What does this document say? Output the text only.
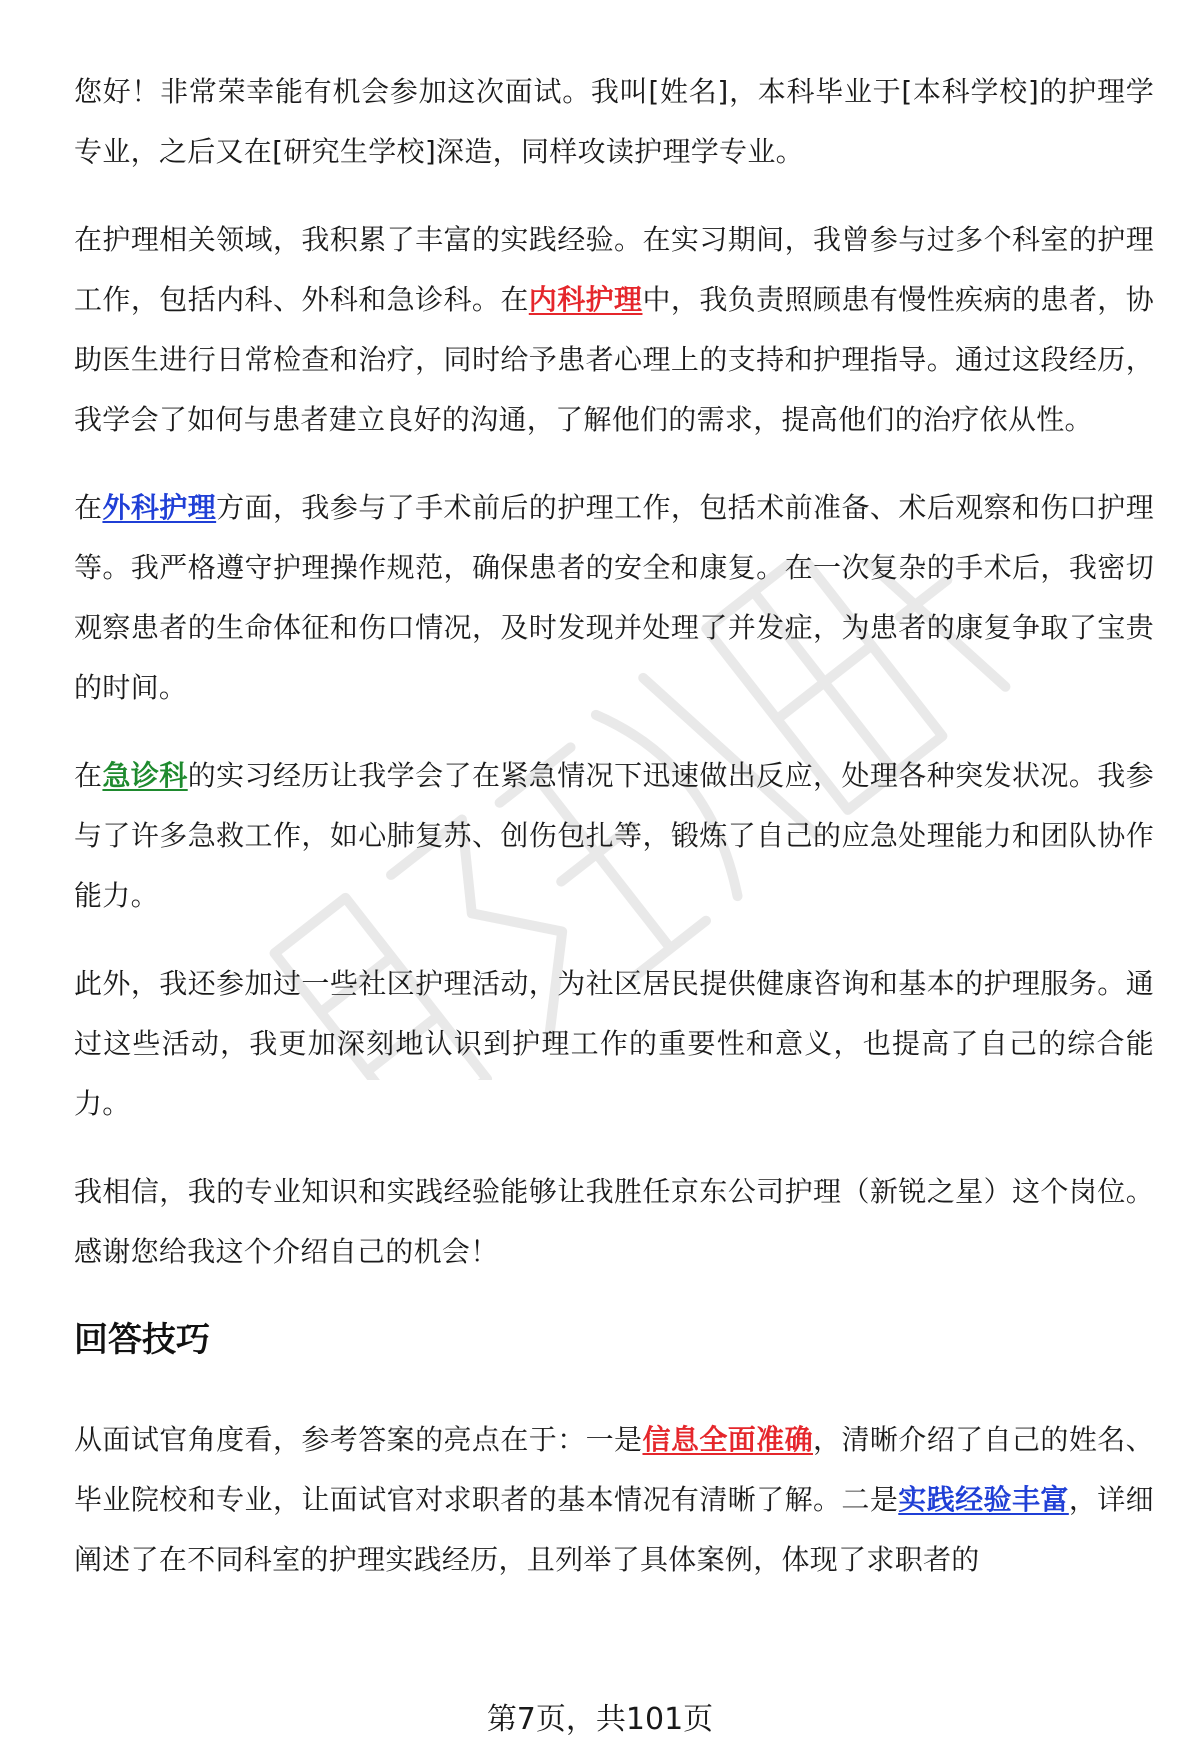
您好！非常荣幸能有机会参加这次面试。我叫[姓名]，本科毕业于[本科学校]的护理学专业，之后又在[研究生学校]深造，同样攻读护理学专业。

在护理相关领域，我积累了丰富的实践经验。在实习期间，我曾参与过多个科室的护理工作，包括内科、外科和急诊科。在内科护理中，我负责照顾患有慢性疾病的患者，协助医生进行日常检查和治疗，同时给予患者心理上的支持和护理指导。通过这段经历，我学会了如何与患者建立良好的沟通，了解他们的需求，提高他们的治疗依从性。

在外科护理方面，我参与了手术前后的护理工作，包括术前准备、术后观察和伤口护理等。我严格遵守护理操作规范，确保患者的安全和康复。在一次复杂的手术后，我密切观察患者的生命体征和伤口情况，及时发现并处理了并发症，为患者的康复争取了宝贵的时间。

在急诊科的实习经历让我学会了在紧急情况下迅速做出反应，处理各种突发状况。我参与了许多急救工作，如心肺复苏、创伤包扎等，锻炼了自己的应急处理能力和团队协作能力。

此外，我还参加过一些社区护理活动，为社区居民提供健康咨询和基本的护理服务。通过这些活动，我更加深刻地认识到护理工作的重要性和意义，也提高了自己的综合能力。

我相信，我的专业知识和实践经验能够让我胜任京东公司护理（新锐之星）这个岗位。感谢您给我这个介绍自己的机会！

回答技巧

从面试官角度看，参考答案的亮点在于：一是信息全面准确，清晰介绍了自己的姓名、毕业院校和专业，让面试官对求职者的基本情况有清晰了解。二是实践经验丰富，详细阐述了在不同科室的护理实践经历，且列举了具体案例，体现了求职者的

第7页，共101页
